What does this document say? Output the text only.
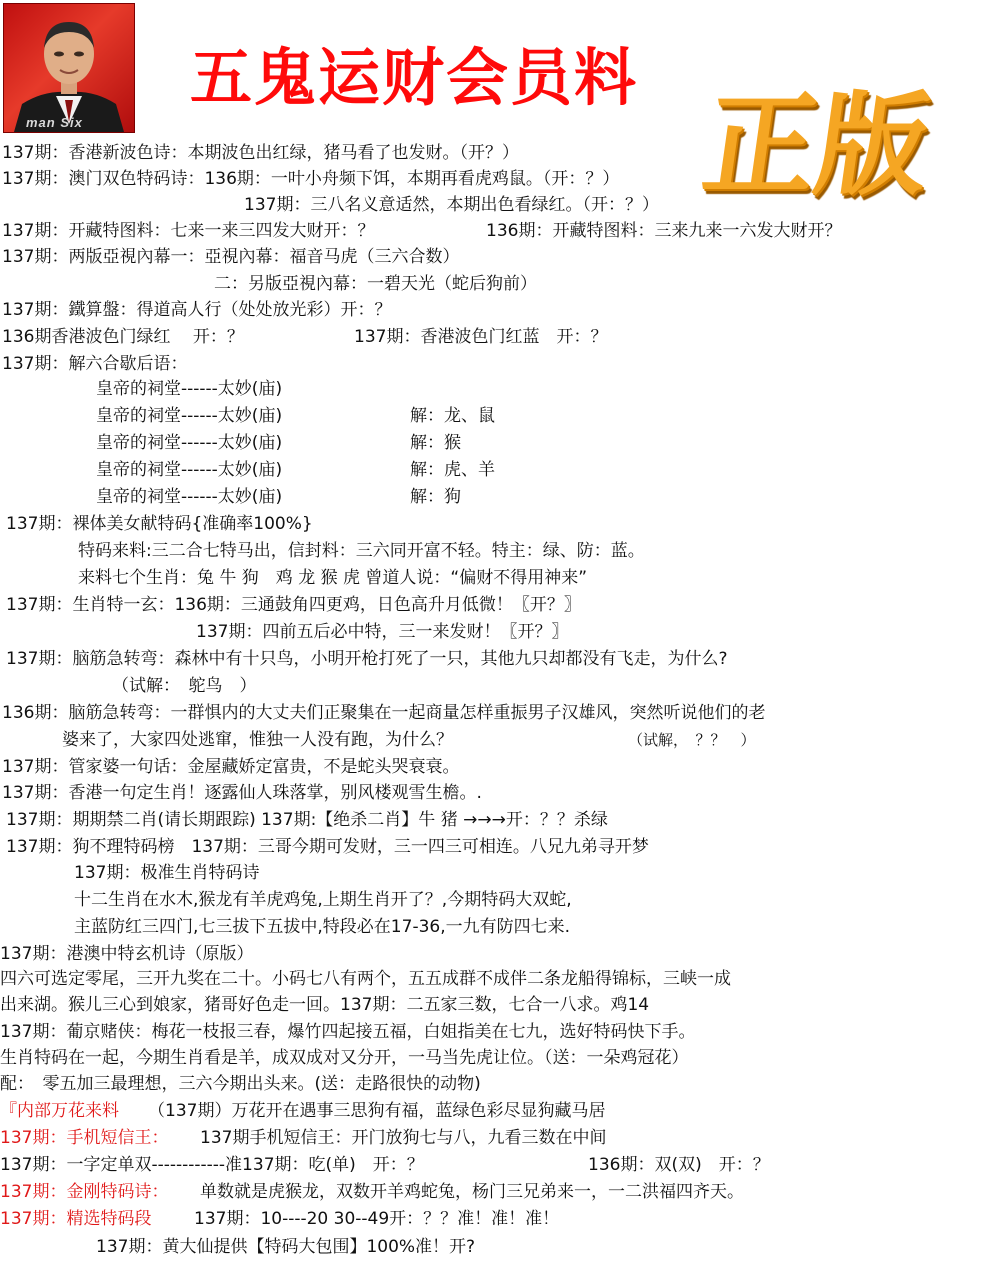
man Six
五鬼运财会员料
正版
137期：香港新波色诗：本期波色出红绿，猪马看了也发财。（开？）
137期：澳门双色特码诗：136期：一叶小舟频下饵，本期再看虎鸡鼠。（开：？）
137期：三八名义意适然，本期出色看绿红。（开：？）
137期：开藏特图料：七来一来三四发大财开：？	136期：开藏特图料：三来九来一六发大财开？
137期：两版亞視內幕一：亞視內幕：福音马虎（三六合数）
二：另版亞視內幕：一碧天光（蛇后狗前）
137期：鐵算盤：得道高人行（处处放光彩）开：？
136期香港波色门绿红　 开：？	137期：香港波色门红蓝　开：？
137期：解六合歇后语：
皇帝的祠堂------太妙(庙)
皇帝的祠堂------太妙(庙)	解：龙、鼠
皇帝的祠堂------太妙(庙)	解：猴
皇帝的祠堂------太妙(庙)	解：虎、羊
皇帝的祠堂------太妙(庙)	解：狗
137期：裸体美女献特码{准确率100%}
特码来料:三二合七特马出，信封料：三六同开富不轻。特主：绿、防：蓝。
来料七个生肖：兔 牛 狗　鸡 龙 猴 虎 曾道人说：“偏财不得用神来”
137期：生肖特一玄：136期：三通鼓角四更鸡，日色高升月低微！〖开？〗
137期：四前五后必中特，三一来发财！〖开？〗
137期：脑筋急转弯：森林中有十只鸟，小明开枪打死了一只，其他九只却都没有飞走，为什么?
（试解：　鸵鸟　）
136期：脑筋急转弯：一群惧内的大丈夫们正聚集在一起商量怎样重振男子汉雄风，突然听说他们的老
婆来了，大家四处逃窜，惟独一人没有跑，为什么？	（试解，　？？　）
137期：管家婆一句话：金屋藏娇定富贵，不是蛇头哭衰衰。
137期：香港一句定生肖！逐露仙人珠落掌，别风楼观雪生檐。.
137期：期期禁二肖(请长期跟踪) 137期:【绝杀二肖】牛 猪 →→→开：？？杀绿
137期：狗不理特码榜　137期：三哥今期可发财，三一四三可相连。八兄九弟寻开梦
137期：极准生肖特码诗
十二生肖在水木,猴龙有羊虎鸡兔,上期生肖开了？,今期特码大双蛇,
主蓝防红三四门,七三拔下五拔中,特段必在17-36,一九有防四七来.
137期：港澳中特玄机诗（原版）
四六可选定零尾，三开九奖在二十。小码七八有两个，五五成群不成伴二条龙船得锦标，三峡一成
出来湖。猴儿三心到娘家，猪哥好色走一回。137期：二五家三数，七合一八求。鸡14
137期：葡京赌侠：梅花一枝报三春，爆竹四起接五福，白姐指美在七九，选好特码快下手。
生肖特码在一起，今期生肖看是羊，成双成对又分开，一马当先虎让位。（送：一朵鸡冠花）
配：　零五加三最理想，三六今期出头来。(送：走路很快的动物)
『内部万花来料 （137期）万花开在遇事三思狗有福，蓝绿色彩尽显狗藏马居
137期：手机短信王： 137期手机短信王：开门放狗七与八，九看三数在中间
137期：一字定单双------------准137期：吃(单)　开：？	136期：双(双)　开：？
137期：金刚特码诗： 单数就是虎猴龙，双数开羊鸡蛇兔，杨门三兄弟来一，一二洪福四齐天。
137期：精选特码段	137期：10----20 30--49开：？？准！准！准！
137期：黄大仙提供【特码大包围】100%准！开?
